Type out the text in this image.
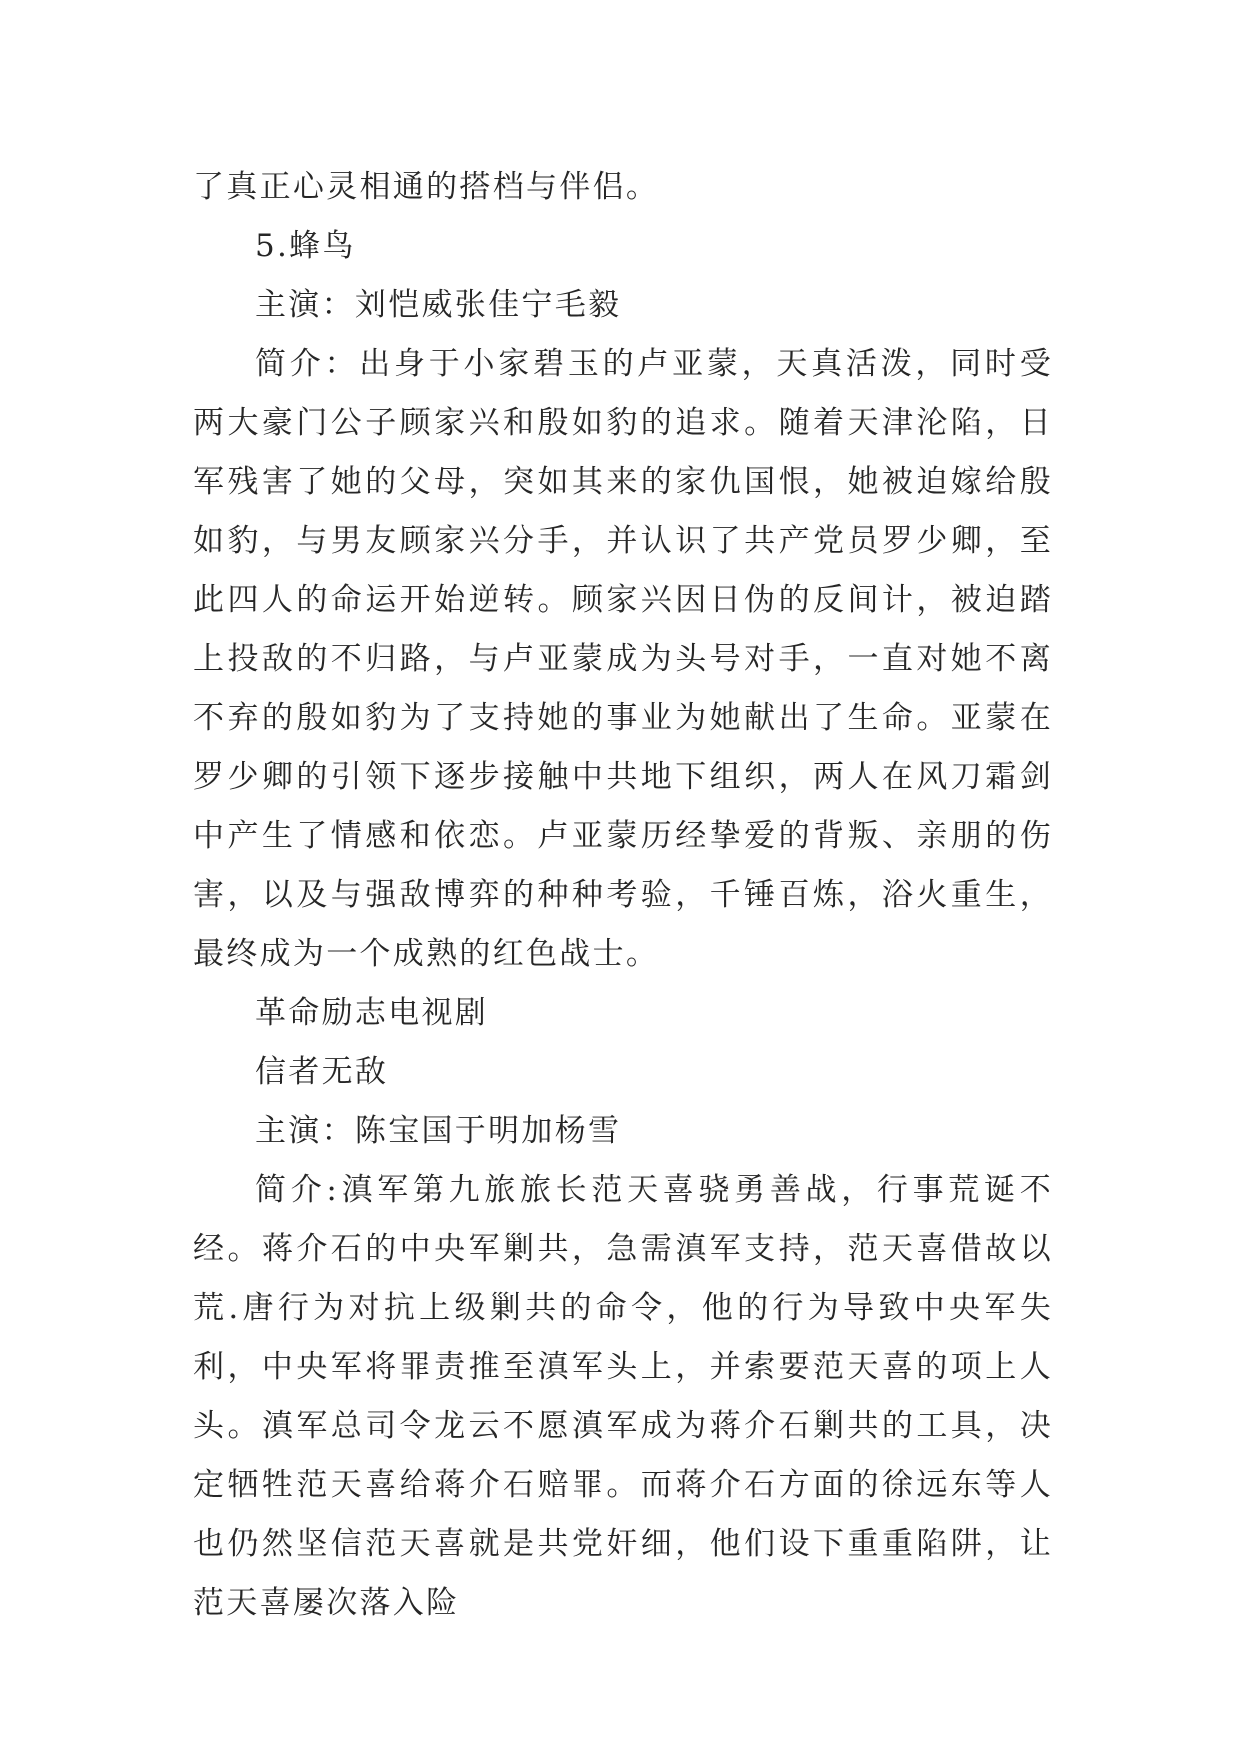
了真正心灵相通的搭档与伴侣。

5.蜂鸟

主演：刘恺威张佳宁毛毅

简介：出身于小家碧玉的卢亚蒙，天真活泼，同时受两大豪门公子顾家兴和殷如豹的追求。随着天津沦陷，日军残害了她的父母，突如其来的家仇国恨，她被迫嫁给殷如豹，与男友顾家兴分手，并认识了共产党员罗少卿，至此四人的命运开始逆转。顾家兴因日伪的反间计，被迫踏上投敌的不归路，与卢亚蒙成为头号对手，一直对她不离不弃的殷如豹为了支持她的事业为她献出了生命。亚蒙在罗少卿的引领下逐步接触中共地下组织，两人在风刀霜剑中产生了情感和依恋。卢亚蒙历经挚爱的背叛、亲朋的伤害，以及与强敌博弈的种种考验，千锤百炼，浴火重生，最终成为一个成熟的红色战士。

革命励志电视剧

信者无敌

主演：陈宝国于明加杨雪

简介:滇军第九旅旅长范天喜骁勇善战，行事荒诞不经。蒋介石的中央军剿共，急需滇军支持，范天喜借故以荒.唐行为对抗上级剿共的命令，他的行为导致中央军失利，中央军将罪责推至滇军头上，并索要范天喜的项上人头。滇军总司令龙云不愿滇军成为蒋介石剿共的工具，决定牺牲范天喜给蒋介石赔罪。而蒋介石方面的徐远东等人也仍然坚信范天喜就是共党奸细，他们设下重重陷阱，让范天喜屡次落入险
